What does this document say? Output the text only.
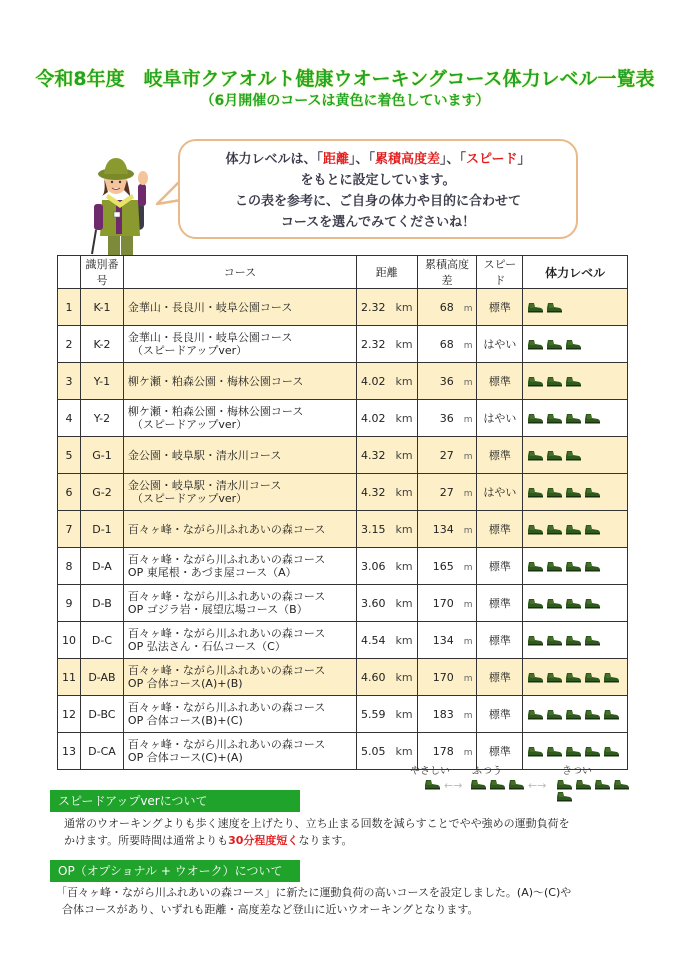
令和8年度　岐阜市クアオルト健康ウオーキングコース体力レベル一覧表
（6月開催のコースは黄色に着色しています）
体力レベルは、「距離」、「累積高度差」、「スピード」
をもとに設定しています。
この表を参考に、ご自身の体力や目的に合わせて
コースを選んでみてくださいね！
	識別番号	コース	距離	累積高度差	スピード	体力レベル
1	K-1	金華山・長良川・岐阜公園コース	2.32 km	68 m	標準	
2	K-2	金華山・長良川・岐阜公園コース
（スピードアップver）	2.32 km	68 m	はやい	
3	Y-1	柳ケ瀬・粕森公園・梅林公園コース	4.02 km	36 m	標準	
4	Y-2	柳ケ瀬・粕森公園・梅林公園コース
（スピードアップver）	4.02 km	36 m	はやい	
5	G-1	金公園・岐阜駅・清水川コース	4.32 km	27 m	標準	
6	G-2	金公園・岐阜駅・清水川コース
（スピードアップver）	4.32 km	27 m	はやい	
7	D-1	百々ヶ峰・ながら川ふれあいの森コース	3.15 km	134 m	標準	
8	D-A	百々ヶ峰・ながら川ふれあいの森コース
OP 東尾根・あづま屋コース（A）	3.06 km	165 m	標準	
9	D-B	百々ヶ峰・ながら川ふれあいの森コース
OP ゴジラ岩・展望広場コース（B）	3.60 km	170 m	標準	
10	D-C	百々ヶ峰・ながら川ふれあいの森コース
OP 弘法さん・石仏コース（C）	4.54 km	134 m	標準	
11	D-AB	百々ヶ峰・ながら川ふれあいの森コース
OP 合体コース(A)+(B)	4.60 km	170 m	標準	
12	D-BC	百々ヶ峰・ながら川ふれあいの森コース
OP 合体コース(B)+(C)	5.59 km	183 m	標準	
13	D-CA	百々ヶ峰・ながら川ふれあいの森コース
OP 合体コース(C)+(A)	5.05 km	178 m	標準	
やさしい ふつう	きつい
←→	←→
スピードアップverについて
通常のウオーキングよりも歩く速度を上げたり、立ち止まる回数を減らすことでやや強めの運動負荷を
かけます。所要時間は通常よりも30分程度短くなります。
OP（オプショナル + ウオーク）について
「百々ヶ峰・ながら川ふれあいの森コース」に新たに運動負荷の高いコースを設定しました。(A)～(C)や
合体コースがあり、いずれも距離・高度差など登山に近いウオーキングとなります。
